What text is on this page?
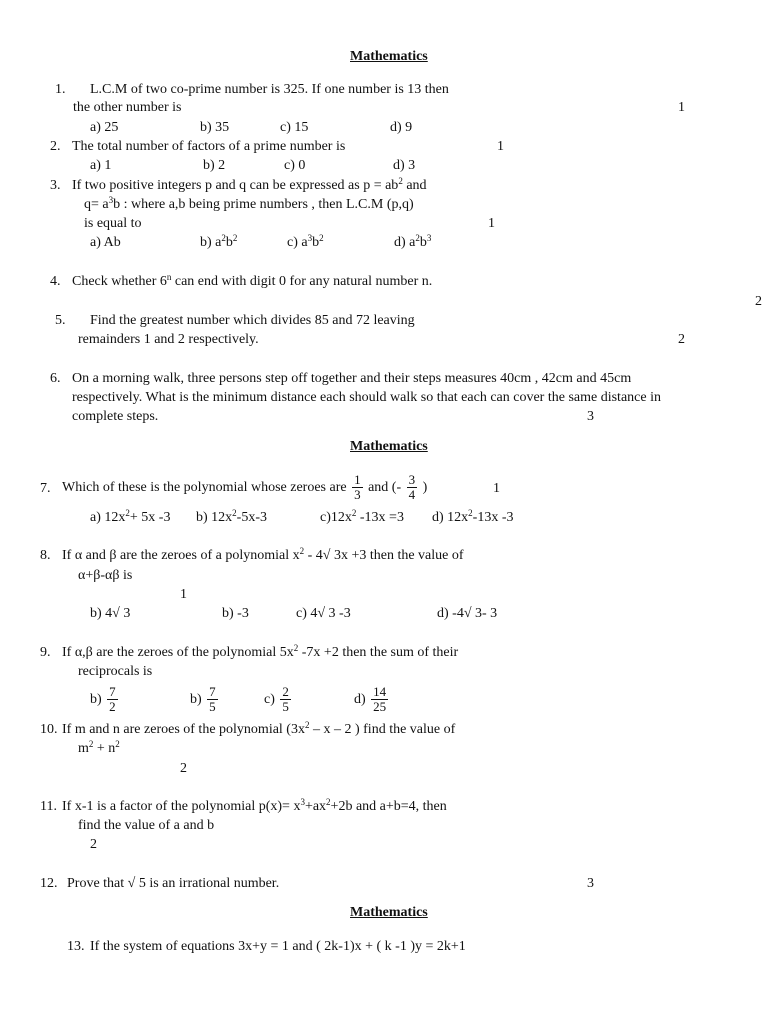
Mathematics
1. L.C.M of two co-prime number is 325. If one number is 13 then
the other number is	1
a) 25	b) 35	c) 15	d) 9
2. The total number of factors of a prime number is	1
a) 1	b) 2	c) 0	d) 3
3. If two positive integers p and q can be expressed as $p = ab^2$ and
$q= a^3b$ : where a,b being prime numbers , then L.C.M (p,q)
is equal to	1
a) Ab	b) $a^2b^2$	c) $a^3b^2$	d) $a^2b^3$
4. Check whether 6$^n$ can end with digit 0 for any natural number n.
2
5. Find the greatest number which divides 85 and 72 leaving
remainders 1 and 2 respectively.	2
6. On a morning walk, three persons step off together and their steps measures 40cm , 42cm and 45cm
respectively. What is the minimum distance each should walk so that each can cover the same distance in
complete steps.	3
Mathematics
7. Which of these is the polynomial whose zeroes are $\frac{1}{3}$ and (- $\frac{3}{4}$ )	1
a) $12x^2+ 5x$ -3 b) $12x^2-5x-3$	$c)12x^2$ -13x =3 d) $12x^2-13x$ -3
8. If α and β are the zeroes of a polynomial $x^2 - 4√$ 3x +3 then the value of
α+β-αβ is
1
b) 4√ 3	b) -3	c) 4√ 3 -3	d) -4√ 3- 3
9. If α,β are the zeroes of the polynomial $5x^2$ -7x +2 then the sum of their
reciprocals is
$b) \frac{7}{2}$	$b) \frac{7}{5}$	$c) \frac{2}{5}$	$d) \frac{14}{25}$
10. If m and n are zeroes of the polynomial ($3x^2$ – x – 2 ) find the value of
$m^2 + n^2$
2
11. If x-1 is a factor of the polynomial $p(x)= x^3+ax^2+2b$ and a+b=4, then
find the value of a and b
2
12. Prove that √ 5 is an irrational number.	3
Mathematics
13. If the system of equations 3x+y = 1 and ( 2k-1)x + ( k -1 )y = 2k+1
